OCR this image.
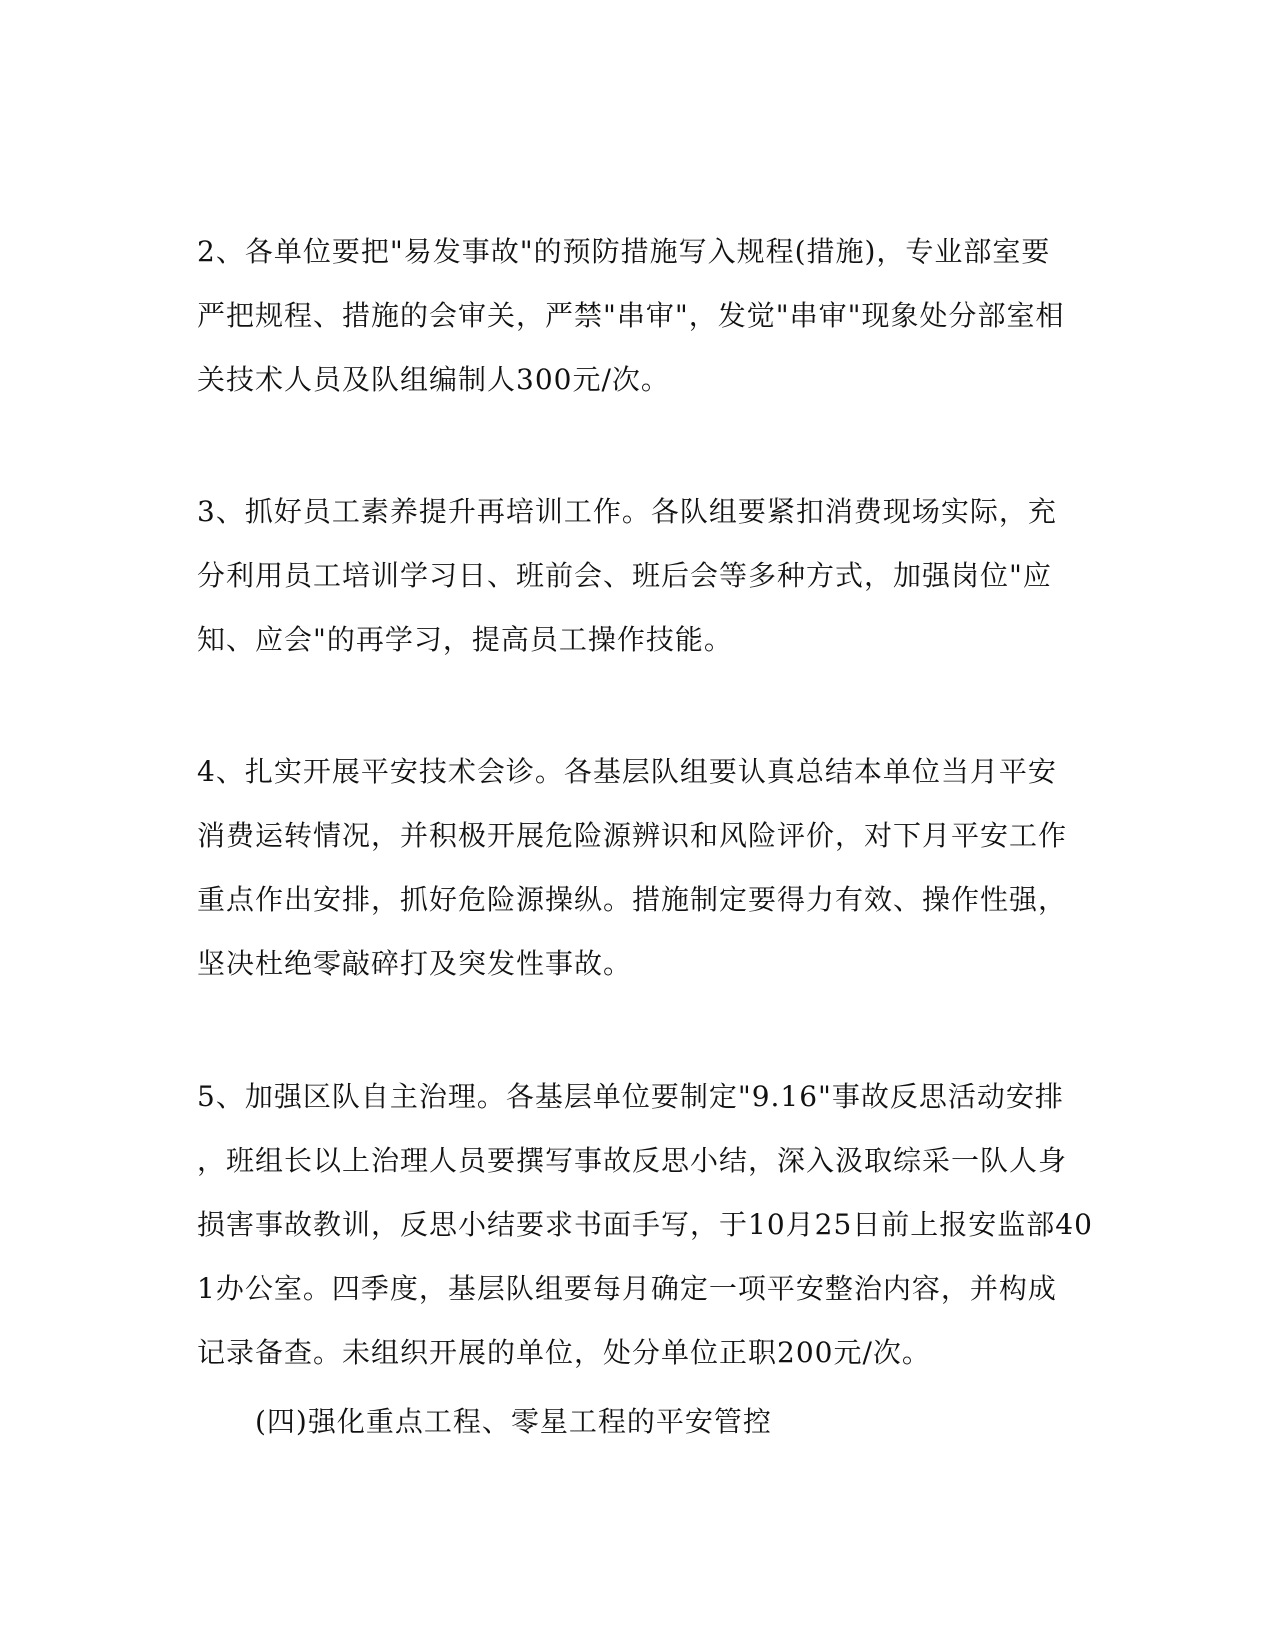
2、各单位要把"易发事故"的预防措施写入规程(措施)，专业部室要
严把规程、措施的会审关，严禁"串审"，发觉"串审"现象处分部室相
关技术人员及队组编制人300元/次。
3、抓好员工素养提升再培训工作。各队组要紧扣消费现场实际，充
分利用员工培训学习日、班前会、班后会等多种方式，加强岗位"应
知、应会"的再学习，提高员工操作技能。
4、扎实开展平安技术会诊。各基层队组要认真总结本单位当月平安
消费运转情况，并积极开展危险源辨识和风险评价，对下月平安工作
重点作出安排，抓好危险源操纵。措施制定要得力有效、操作性强，
坚决杜绝零敲碎打及突发性事故。
5、加强区队自主治理。各基层单位要制定"9.16"事故反思活动安排
，班组长以上治理人员要撰写事故反思小结，深入汲取综采一队人身
损害事故教训，反思小结要求书面手写，于10月25日前上报安监部40
1办公室。四季度，基层队组要每月确定一项平安整治内容，并构成
记录备查。未组织开展的单位，处分单位正职200元/次。
(四)强化重点工程、零星工程的平安管控
